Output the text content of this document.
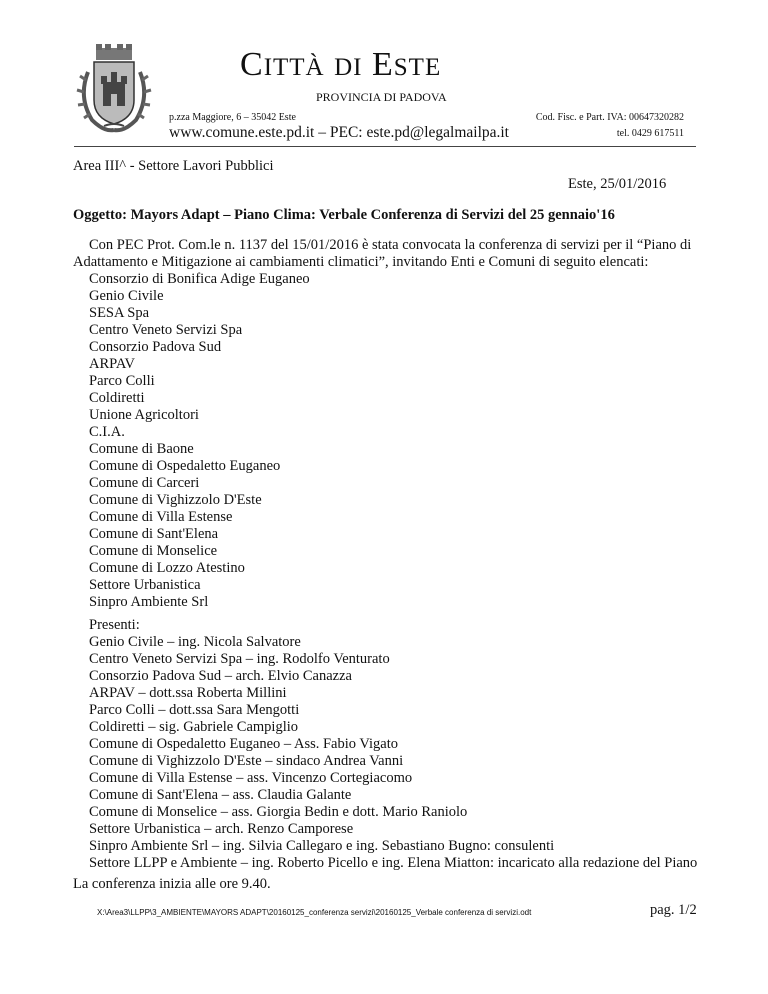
CITTÀ DI ESTE
PROVINCIA DI PADOVA
p.zza Maggiore, 6 – 35042 Este
www.comune.este.pd.it – PEC: este.pd@legalmailpa.it
Cod. Fisc. e Part. IVA: 00647320282
tel. 0429 617511
Area III^ - Settore Lavori Pubblici
Este, 25/01/2016
Oggetto: Mayors Adapt – Piano Clima: Verbale Conferenza di Servizi del 25 gennaio'16
Con PEC Prot. Com.le n. 1137 del 15/01/2016 è stata convocata la conferenza di servizi per il “Piano di
Adattamento e Mitigazione ai cambiamenti climatici”, invitando Enti e Comuni di seguito elencati:
Consorzio di Bonifica Adige Euganeo
Genio Civile
SESA Spa
Centro Veneto Servizi Spa
Consorzio Padova Sud
ARPAV
Parco Colli
Coldiretti
Unione Agricoltori
C.I.A.
Comune di Baone
Comune di Ospedaletto Euganeo
Comune di Carceri
Comune di Vighizzolo D'Este
Comune di Villa Estense
Comune di Sant'Elena
Comune di Monselice
Comune di Lozzo Atestino
Settore Urbanistica
Sinpro Ambiente Srl
Presenti:
Genio Civile – ing. Nicola Salvatore
Centro Veneto Servizi Spa – ing. Rodolfo Venturato
Consorzio Padova Sud – arch. Elvio Canazza
ARPAV – dott.ssa Roberta Millini
Parco Colli – dott.ssa Sara Mengotti
Coldiretti – sig. Gabriele Campiglio
Comune di Ospedaletto Euganeo – Ass. Fabio Vigato
Comune di Vighizzolo D'Este – sindaco Andrea Vanni
Comune di Villa Estense – ass. Vincenzo Cortegiacomo
Comune di Sant'Elena – ass. Claudia Galante
Comune di Monselice – ass. Giorgia Bedin e dott. Mario Raniolo
Settore Urbanistica – arch. Renzo Camporese
Sinpro Ambiente Srl – ing. Silvia Callegaro e ing. Sebastiano Bugno: consulenti
Settore LLPP e Ambiente – ing. Roberto Picello e ing. Elena Miatton: incaricato alla redazione del Piano
La conferenza inizia alle ore 9.40.
X:\Area3\LLPP\3_AMBIENTE\MAYORS ADAPT\20160125_conferenza servizi\20160125_Verbale conferenza di servizi.odt	pag. 1/2
